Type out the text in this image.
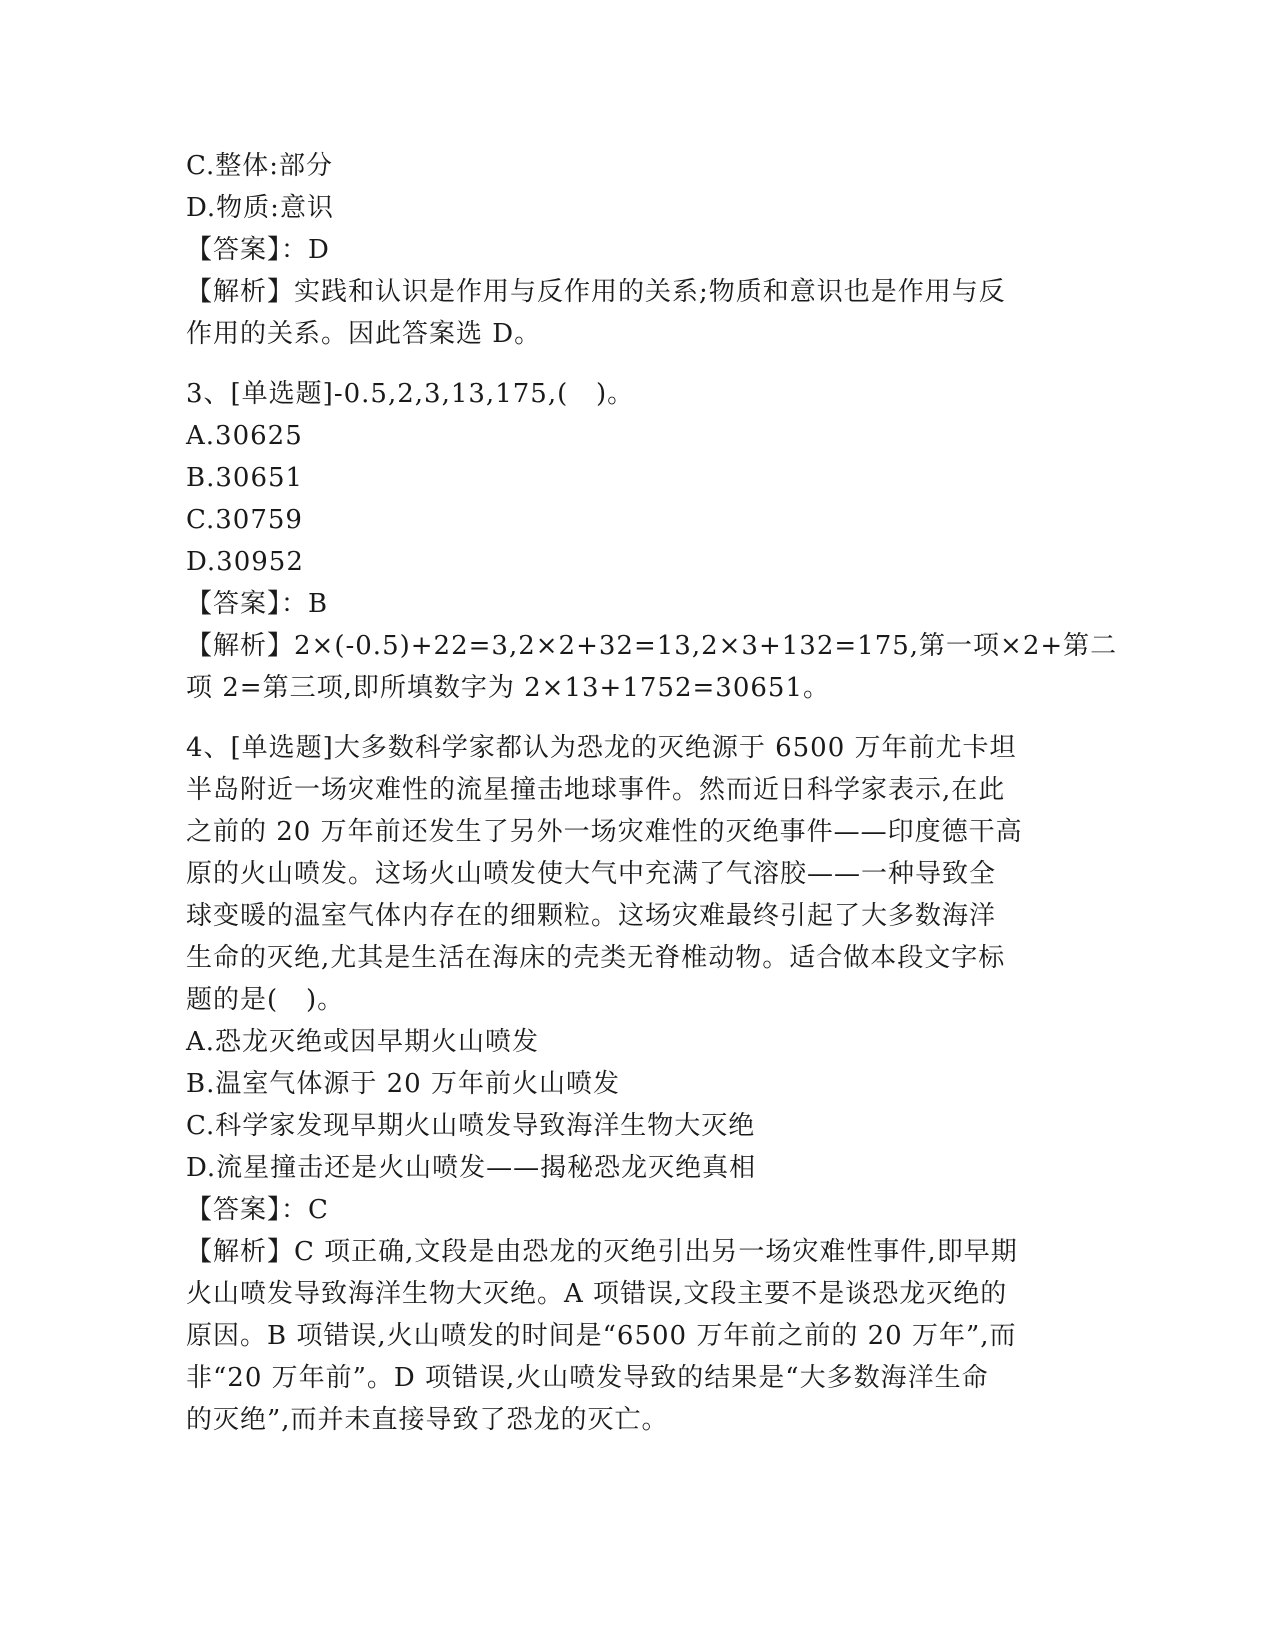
C.整体:部分
D.物质:意识
【答案】：D
【解析】实践和认识是作用与反作用的关系;物质和意识也是作用与反
作用的关系。因此答案选 D。
3、[单选题]-0.5,2,3,13,175,(   )。
A.30625
B.30651
C.30759
D.30952
【答案】：B
【解析】2×(-0.5)+22=3,2×2+32=13,2×3+132=175,第一项×2+第二
项 2=第三项,即所填数字为 2×13+1752=30651。
4、[单选题]大多数科学家都认为恐龙的灭绝源于 6500 万年前尤卡坦
半岛附近一场灾难性的流星撞击地球事件。然而近日科学家表示,在此
之前的 20 万年前还发生了另外一场灾难性的灭绝事件——印度德干高
原的火山喷发。这场火山喷发使大气中充满了气溶胶——一种导致全
球变暖的温室气体内存在的细颗粒。这场灾难最终引起了大多数海洋
生命的灭绝,尤其是生活在海床的壳类无脊椎动物。适合做本段文字标
题的是(   )。
A.恐龙灭绝或因早期火山喷发
B.温室气体源于 20 万年前火山喷发
C.科学家发现早期火山喷发导致海洋生物大灭绝
D.流星撞击还是火山喷发——揭秘恐龙灭绝真相
【答案】：C
【解析】C 项正确,文段是由恐龙的灭绝引出另一场灾难性事件,即早期
火山喷发导致海洋生物大灭绝。A 项错误,文段主要不是谈恐龙灭绝的
原因。B 项错误,火山喷发的时间是“6500 万年前之前的 20 万年”,而
非“20 万年前”。D 项错误,火山喷发导致的结果是“大多数海洋生命
的灭绝”,而并未直接导致了恐龙的灭亡。
